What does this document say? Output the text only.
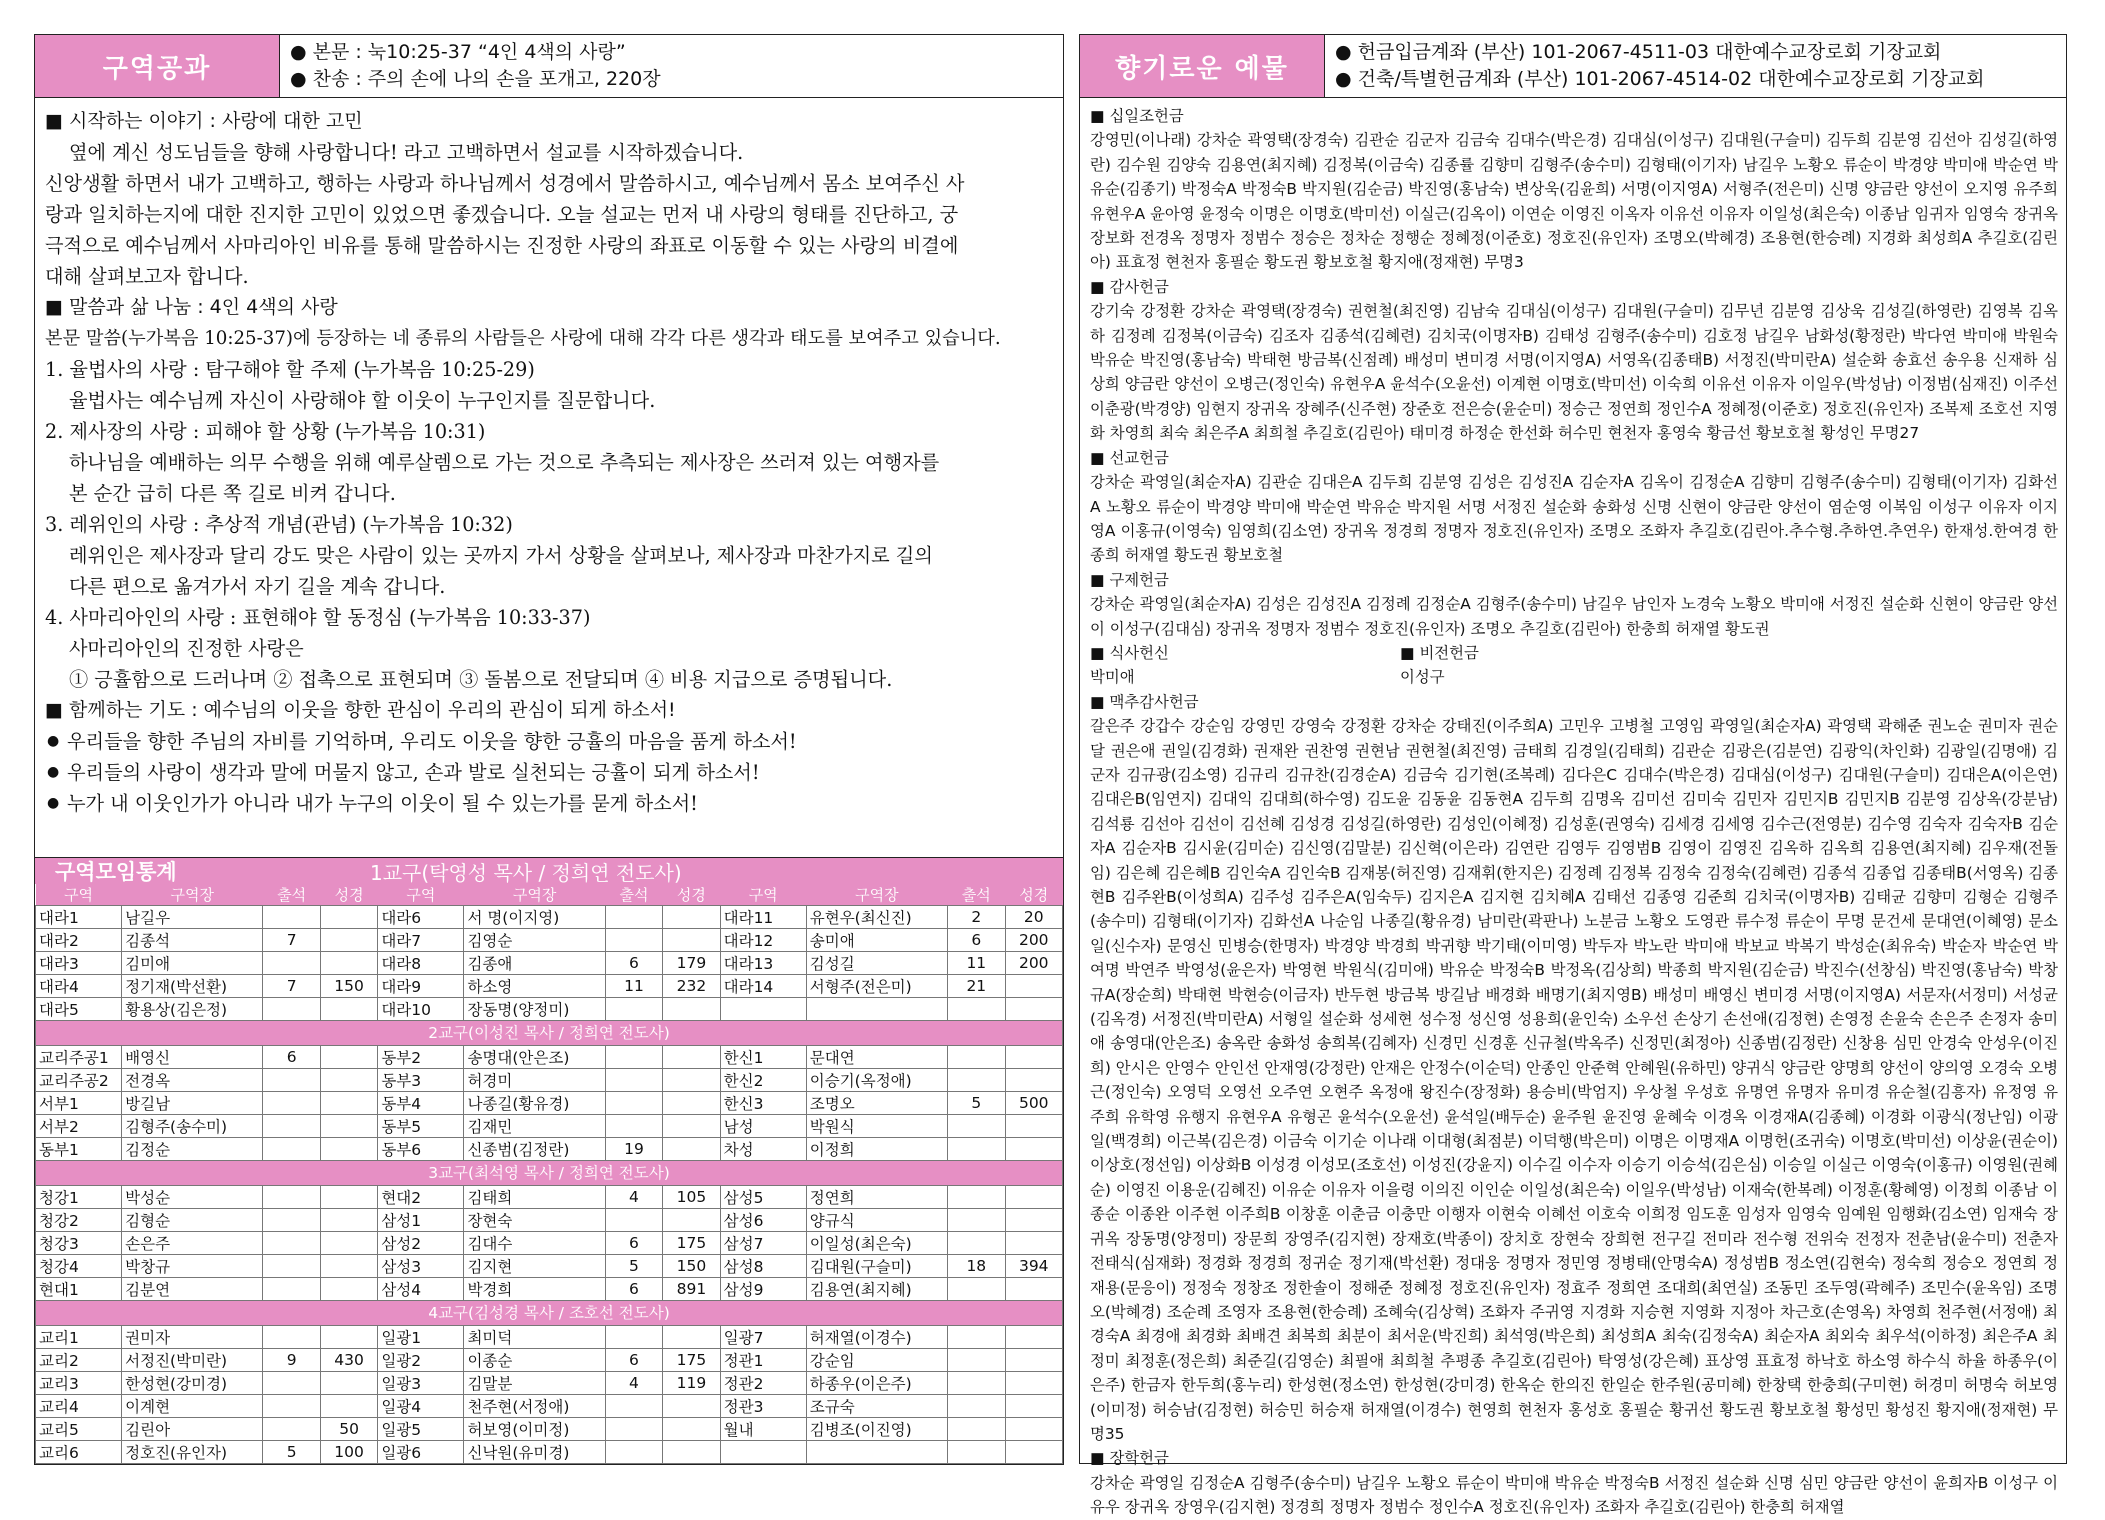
구역공과
● 본문 : 눅10:25-37 “4인 4색의 사랑”
● 찬송 : 주의 손에 나의 손을 포개고, 220장

■ 시작하는 이야기 : 사랑에 대한 고민

옆에 계신 성도님들을 향해 사랑합니다! 라고 고백하면서 설교를 시작하겠습니다.

신앙생활 하면서 내가 고백하고, 행하는 사랑과 하나님께서 성경에서 말씀하시고, 예수님께서 몸소 보여주신 사

랑과 일치하는지에 대한 진지한 고민이 있었으면 좋겠습니다. 오늘 설교는 먼저 내 사랑의 형태를 진단하고, 궁

극적으로 예수님께서 사마리아인 비유를 통해 말씀하시는 진정한 사랑의 좌표로 이동할 수 있는 사랑의 비결에

대해 살펴보고자 합니다.

■ 말씀과 삶 나눔 : 4인 4색의 사랑

본문 말씀(누가복음 10:25-37)에 등장하는 네 종류의 사람들은 사랑에 대해 각각 다른 생각과 태도를 보여주고 있습니다.

1. 율법사의 사랑 : 탐구해야 할 주제 (누가복음 10:25-29)

율법사는 예수님께 자신이 사랑해야 할 이웃이 누구인지를 질문합니다.

2. 제사장의 사랑 : 피해야 할 상황 (누가복음 10:31)

하나님을 예배하는 의무 수행을 위해 예루살렘으로 가는 것으로 추측되는 제사장은 쓰러져 있는 여행자를

본 순간 급히 다른 쪽 길로 비켜 갑니다.

3. 레위인의 사랑 : 추상적 개념(관념) (누가복음 10:32)

레위인은 제사장과 달리 강도 맞은 사람이 있는 곳까지 가서 상황을 살펴보나, 제사장과 마찬가지로 길의

다른 편으로 옮겨가서 자기 길을 계속 갑니다.

4. 사마리아인의 사랑 : 표현해야 할 동정심 (누가복음 10:33-37)

사마리아인의 진정한 사랑은

① 긍휼함으로 드러나며 ② 접촉으로 표현되며 ③ 돌봄으로 전달되며 ④ 비용 지급으로 증명됩니다.

■ 함께하는 기도 : 예수님의 이웃을 향한 관심이 우리의 관심이 되게 하소서!

● 우리들을 향한 주님의 자비를 기억하며, 우리도 이웃을 향한 긍휼의 마음을 품게 하소서!

● 우리들의 사랑이 생각과 말에 머물지 않고, 손과 발로 실천되는 긍휼이 되게 하소서!

● 누가 내 이웃인가가 아니라 내가 누구의 이웃이 될 수 있는가를 묻게 하소서!

구역모임통계	1교구(탁영성 목사 / 정희연 전도사)
구역	구역장	출석	성경	구역	구역장	출석	성경	구역	구역장	출석	성경
대라1	남길우			대라6	서 명(이지영)			대라11	유현우(최신진)	2	20
대라2	김종석	7		대라7	김영순			대라12	송미애	6	200
대라3	김미애			대라8	김종애	6	179	대라13	김성길	11	200
대라4	정기재(박선환)	7	150	대라9	하소영	11	232	대라14	서형주(전은미)	21	
대라5	황용상(김은정)			대라10	장동명(양정미)						
2교구(이성진 목사 / 정희연 전도사)											
교리주공1	배영신	6		동부2	송명대(안은조)			한신1	문대연		
교리주공2	전경옥			동부3	허경미			한신2	이승기(옥정애)		
서부1	방길남			동부4	나종길(황유경)			한신3	조명오	5	500
서부2	김형주(송수미)			동부5	김재민			남성	박원식		
동부1	김정순			동부6	신종범(김정란)	19		차성	이정희		
3교구(최석영 목사 / 정희연 전도사)											
청강1	박성순			현대2	김태희	4	105	삼성5	정연희		
청강2	김형순			삼성1	장현숙			삼성6	양규식		
청강3	손은주			삼성2	김대수	6	175	삼성7	이일성(최은숙)		
청강4	박창규			삼성3	김지현	5	150	삼성8	김대원(구슬미)	18	394
현대1	김분연			삼성4	박경희	6	891	삼성9	김용연(최지혜)		
4교구(김성경 목사 / 조호선 전도사)											
교리1	권미자			일광1	최미덕			일광7	허재열(이경수)		
교리2	서정진(박미란)	9	430	일광2	이종순	6	175	정관1	강순임		
교리3	한성현(강미경)			일광3	김말분	4	119	정관2	하종우(이은주)		
교리4	이계현			일광4	천주현(서정애)			정관3	조규숙		
교리5	김린아		50	일광5	허보영(이미정)			월내	김병조(이진영)		
교리6	정호진(유인자)	5	100	일광6	신낙원(유미경)						
향기로운 예물
● 헌금입금계좌 (부산) 101-2067-4511-03 대한예수교장로회 기장교회
● 건축/특별헌금계좌 (부산) 101-2067-4514-02 대한예수교장로회 기장교회

■ 십일조헌금

강영민(이나래) 강차순 곽영택(장경숙) 김관순 김군자 김금숙 김대수(박은경) 김대심(이성구) 김대원(구슬미) 김두희 김분영 김선아 김성길(하영란) 김수원 김양숙 김용연(최지혜) 김정복(이금숙) 김종률 김향미 김형주(송수미) 김형태(이기자) 남길우 노황오 류순이 박경양 박미애 박순연 박유순(김종기) 박정숙A 박정숙B 박지원(김순금) 박진영(홍남숙) 변상욱(김윤희) 서명(이지영A) 서형주(전은미) 신명 양금란 양선이 오지영 유주희 유현우A 윤아영 윤정숙 이명은 이명호(박미선) 이실근(김옥이) 이연순 이영진 이옥자 이유선 이유자 이일성(최은숙) 이종남 임귀자 임영숙 장귀옥 장보화 전경옥 정명자 정범수 정승은 정차순 정행순 정혜정(이준호) 정호진(유인자) 조명오(박혜경) 조용현(한승례) 지경화 최성희A 추길호(김린아) 표효정 현천자 홍필순 황도권 황보호철 황지애(정재현) 무명3

■ 감사헌금

강기숙 강정환 강차순 곽영택(장경숙) 권현철(최진영) 김남숙 김대심(이성구) 김대원(구슬미) 김무년 김분영 김상욱 김성길(하영란) 김영복 김옥하 김정례 김정복(이금숙) 김조자 김종석(김혜련) 김치국(이명자B) 김태성 김형주(송수미) 김호정 남길우 남화성(황정란) 박다연 박미애 박원숙 박유순 박진영(홍남숙) 박태현 방금복(신점례) 배성미 변미경 서명(이지영A) 서영옥(김종태B) 서정진(박미란A) 설순화 송효선 송우용 신재하 심상희 양금란 양선이 오병근(정인숙) 유현우A 윤석수(오윤선) 이계현 이명호(박미선) 이숙희 이유선 이유자 이일우(박성남) 이정범(심재진) 이주선 이춘광(박경양) 임현지 장귀옥 장혜주(신주현) 장준호 전은승(윤순미) 정승근 정연희 정인수A 정혜정(이준호) 정호진(유인자) 조복제 조호선 지영화 차영희 최숙 최은주A 최희철 추길호(김린아) 태미경 하정순 한선화 허수민 현천자 홍영숙 황금선 황보호철 황성인 무명27

■ 선교헌금

강차순 곽영일(최순자A) 김관순 김대은A 김두희 김분영 김성은 김성진A 김순자A 김옥이 김정순A 김향미 김형주(송수미) 김형태(이기자) 김화선A 노황오 류순이 박경양 박미애 박순연 박유순 박지원 서명 서정진 설순화 송화성 신명 신현이 양금란 양선이 염순영 이복임 이성구 이유자 이지영A 이홍규(이영숙) 임영희(김소연) 장귀옥 정경희 정명자 정호진(유인자) 조명오 조화자 추길호(김린아.추수형.추하연.추연우) 한재성.한여경 한종희 허재열 황도권 황보호철

■ 구제헌금

강차순 곽영일(최순자A) 김성은 김성진A 김정례 김정순A 김형주(송수미) 남길우 남인자 노경숙 노황오 박미애 서정진 설순화 신현이 양금란 양선이 이성구(김대심) 장귀옥 정명자 정범수 정호진(유인자) 조명오 추길호(김린아) 한충희 허재열 황도권

■ 식사헌신

박미애

■ 비전헌금

이성구

■ 맥추감사헌금

갈은주 강갑수 강순임 강영민 강영숙 강정환 강차순 강태진(이주희A) 고민우 고병철 고영임 곽영일(최순자A) 곽영택 곽해준 권노순 권미자 권순달 권은애 권일(김경화) 권재완 권찬영 권현남 권현철(최진영) 금태희 김경일(김태희) 김관순 김광은(김분연) 김광익(차인화) 김광일(김명애) 김군자 김규광(김소영) 김규리 김규찬(김경순A) 김금숙 김기현(조복례) 김다은C 김대수(박은경) 김대심(이성구) 김대원(구슬미) 김대은A(이은연) 김대은B(임연지) 김대익 김대희(하수영) 김도윤 김동윤 김동현A 김두희 김명옥 김미선 김미숙 김민자 김민지B 김민지B 김분영 김상옥(강분남) 김석룡 김선아 김선이 김선혜 김성경 김성길(하영란) 김성인(이혜정) 김성훈(권영숙) 김세경 김세영 김수근(전영분) 김수영 김숙자 김숙자B 김순자A 김순자B 김시윤(김미순) 김신영(김말분) 김신혁(이은라) 김연란 김영두 김영범B 김영이 김영진 김옥하 김옥희 김용연(최지혜) 김우재(전돌임) 김은혜 김은혜B 김인숙A 김인숙B 김재봉(허진영) 김재휘(한지은) 김정례 김정복 김정숙 김정숙(김혜련) 김종석 김종업 김종태B(서영옥) 김종현B 김주완B(이성희A) 김주성 김주은A(임숙두) 김지은A 김지현 김치혜A 김태선 김종영 김준희 김치국(이명자B) 김태균 김향미 김형순 김형주(송수미) 김형태(이기자) 김화선A 나순임 나종길(황유경) 남미란(곽판나) 노분금 노황오 도영관 류수정 류순이 무명 문건세 문대연(이혜영) 문소일(신수자) 문영신 민병승(한명자) 박경양 박경희 박귀향 박기태(이미영) 박두자 박노란 박미애 박보교 박복기 박성순(최유숙) 박순자 박순연 박여명 박연주 박영성(윤은자) 박영현 박원식(김미애) 박유순 박정숙B 박정옥(김상희) 박종희 박지원(김순금) 박진수(선창심) 박진영(홍남숙) 박창규A(장순희) 박태현 박현승(이금자) 반두현 방금복 방길남 배경화 배명기(최지영B) 배성미 배영신 변미경 서명(이지영A) 서문자(서정미) 서성균(김옥경) 서정진(박미란A) 서형일 설순화 성세현 성수정 성신영 성용희(윤인숙) 소우선 손상기 손선애(김정현) 손영정 손윤숙 손은주 손정자 송미애 송영대(안은조) 송옥란 송화성 송희복(김혜자) 신경민 신경훈 신규철(박옥주) 신정민(최정아) 신종범(김정란) 신창용 심민 안경숙 안성우(이진희) 안시은 안영수 안인선 안재영(강정란) 안재은 안정수(이순덕) 안종인 안준혁 안혜원(유하민) 양귀식 양금란 양명희 양선이 양의영 오경숙 오병근(정인숙) 오영덕 오영선 오주연 오현주 옥정애 왕진수(장정화) 용승비(박엄지) 우상철 우성호 유명연 유명자 유미경 유순철(김흥자) 유정영 유주희 유학영 유행지 유현우A 유형곤 윤석수(오윤선) 윤석일(배두순) 윤주원 윤진영 윤혜숙 이경옥 이경재A(김종혜) 이경화 이광식(정난임) 이광일(백경희) 이근복(김은경) 이금숙 이기순 이나래 이대형(최점분) 이덕행(박은미) 이명은 이명재A 이명헌(조귀숙) 이명호(박미선) 이상윤(권순이) 이상호(정선임) 이상화B 이성경 이성모(조호선) 이성진(강윤지) 이수길 이수자 이승기 이승석(김은심) 이승일 이실근 이영숙(이홍규) 이영원(권혜순) 이영진 이용운(김혜진) 이유순 이유자 이을령 이의진 이인순 이일성(최은숙) 이일우(박성남) 이재숙(한복례) 이정훈(황혜영) 이정희 이종남 이종순 이종완 이주현 이주희B 이창훈 이춘금 이충만 이행자 이현숙 이혜선 이호숙 이희정 임도훈 임성자 임영숙 임예원 임행화(김소연) 임재숙 장귀옥 장동명(양정미) 장문희 장영주(김지현) 장재호(박종이) 장치호 장현숙 장희현 전구길 전미라 전수형 전위숙 전정자 전춘남(윤수미) 전춘자 전태식(심재화) 정경화 정경희 정귀순 정기재(박선환) 정대웅 정명자 정민영 정병태(안명숙A) 정성범B 정소연(김현숙) 정숙희 정승오 정연희 정재용(문응이) 정정숙 정창조 정한솔이 정해준 정혜정 정호진(유인자) 정효주 정희연 조대희(최연실) 조동민 조두영(곽혜주) 조민수(윤옥임) 조명오(박혜경) 조순례 조영자 조용현(한승례) 조혜숙(김상혁) 조화자 주귀영 지경화 지승현 지영화 지정아 차근호(손영옥) 차영희 천주현(서정애) 최경숙A 최경애 최경화 최배견 최복희 최분이 최서운(박진희) 최석영(박은희) 최성희A 최숙(김정숙A) 최순자A 최외숙 최우석(이하정) 최은주A 최정미 최정훈(정은희) 최준길(김영순) 최필애 최희철 추평종 추길호(김린아) 탁영성(강은혜) 표상영 표효정 하낙호 하소영 하수식 하율 하종우(이은주) 한금자 한두희(홍누리) 한성현(정소연) 한성현(강미경) 한옥순 한의진 한일순 한주원(공미혜) 한창택 한충희(구미현) 허경미 허명숙 허보영(이미정) 허승남(김정현) 허승민 허승재 허재열(이경수) 현영희 현천자 홍성호 홍필순 황귀선 황도권 황보호철 황성민 황성진 황지애(정재현) 무명35

■ 장학헌금

강차순 곽영일 김정순A 김형주(송수미) 남길우 노황오 류순이 박미애 박유순 박정숙B 서정진 설순화 신명 심민 양금란 양선이 윤희자B 이성구 이유우 장귀옥 장영우(김지현) 정경희 정명자 정범수 정인수A 정호진(유인자) 조화자 추길호(김린아) 한충희 허재열
